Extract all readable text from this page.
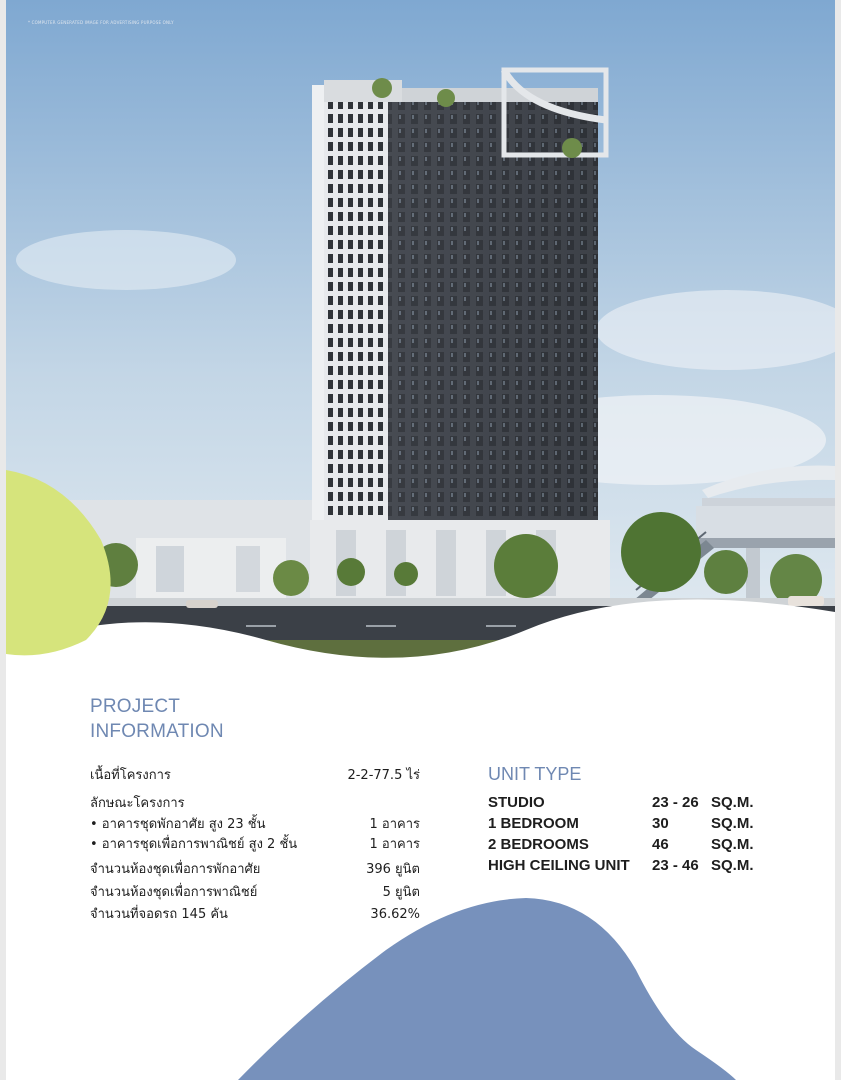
* COMPUTER GENERATED IMAGE FOR ADVERTISING PURPOSE ONLY
PROJECT
INFORMATION
เนื้อที่โครงการ	2-2-77.5 ไร่
ลักษณะโครงการ
• อาคารชุดพักอาศัย สูง 23 ชั้น	1 อาคาร
• อาคารชุดเพื่อการพาณิชย์ สูง 2 ชั้น	1 อาคาร
จำนวนห้องชุดเพื่อการพักอาศัย	396 ยูนิต
จำนวนห้องชุดเพื่อการพาณิชย์	5 ยูนิต
จำนวนที่จอดรถ 145 คัน	36.62%
UNIT TYPE
STUDIO	23 - 26 SQ.M.
1 BEDROOM	30	SQ.M.
2 BEDROOMS	46	SQ.M.
HIGH CEILING UNIT 23 - 46 SQ.M.
